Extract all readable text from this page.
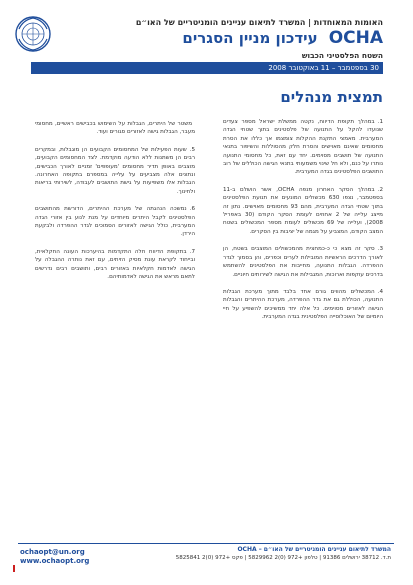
האומות המאוחדות | המשרד לתיאום עניינים הומניטריים של האו״ם
OCHA עידכון מניין הסגרים
השטח הפלסטיני הכבוש
30 בספטמבר – 11 באוקטובר 2008
תמצית מנהלים

1.במהלך תקופת הדיווח, נקטה ממשלת ישראל מספר צעדים שנועדו להקל על התנועה של פלסטינים בתוך שטחי הגדה המערבית. מאמצי התקנת ההקלות צומצמו אך כללו את הסרת מחסומים שאינם מאוישים והסרת חלק מהסוללות והשיפור בתנאי התנועה של תושבים מסוימים. יחד עם זאת, כל מחסומי התנועה נותרו על כנם, ולא חל שינוי משמעותי בתנאי הגישה הכוללים של רוב התושבים הפלסטינים בגדה המערבית.

2.במהלך הסקר האחרון מנפה OCHA, אשר הושלם ב-11 בספטמבר, נצפו 630 מכשולים המונעים את תנועת הפלסטינים בתוך שטחי הגדה המערבית, מהם 93 מחסומים מאוישים. נתון זה מייצג עלייה של 2 אחוזים לעומת הסקר הקודם (30 באפריל 2008), ועלייה של 69 מכשולים לעומת מספר המכשולים בשטח המצב הקודם, המצביע על מגמה של יציבות בין הסקרים.

3.סקר זה מצא כי כ-כמחצית מהמכשולים המוצבים בשטח, הן לאורך הדרכים הראשיות המובילות לערים וכפרים, והן בסמוך לגדר ההפרדה. הגבלות התנועה, מחייבות את הפלסטינים להשתמש בדרכים עוקפות וארוכות, המגבילות את הגישה לשירותים חיוניים.

4.המכשולים מהווים גורם אחד בלבד מתוך מערכת הגבלות התנועה, הכוללת גם את גדר ההפרדה, מערכת ההיתרים והגבלות הגישה לאזורים מסוימים. כל אלה יחד ממשיכים להשפיע על חיי היומיום של האוכלוסייה הפלסטינית בגדה המערבית.

משטר של היתרים, הגבלות על השימוש בכבישים ראשיים, מחסומי מעבר, הגבלות גישה לאזורים סגורים ועוד.

5.שעות הפעילות של המחסומים הקבועים הן מוגבלות, ובמקרים רבים הן משתנות ללא הודעה מוקדמת. לצד המחסומים הקבועים, מוצבים באופן תדיר מחסומים 'מעופפים' זמניים לאורך הכבישים, ונתונים אלה מצביעים על עלייה במספרם בתקופה האחרונה. הגבלות אלו משפיעות על גישת התושבים לעבודה, לשירותי בריאות ולחינוך.

6.נמשכה הנהגתה של מערכת ההיתרים, הדורשת מהתושבים הפלסטינים לקבל היתרים מיוחדים על מנת לנוע בין אזורי הגדה המערבית, כולל הגישה לאזורים הסמוכים לגדר ההפרדה ולבקעת הירדן.

7.בתקופת הדיווח חלה התקדמות בהיערכות העונה החקלאית, ובייחוד לקראת עונת מסיק הזיתים, עם זאת נותרה ההגבלה על הגישה לאדמות חקלאיות באזורים רבים, ותושבים רבים נדרשים לתאם מראש את הגישה לאדמותיהם.

המשרד לתיאום עניינים הומניטריים של האו״ם – OCHA
ת.ד. 38712 ירושלים 91386 | טלפון +972 (0)2 5829962 | פקס +972 (0)2 5825841
ochaopt@un.org
www.ochaopt.org
